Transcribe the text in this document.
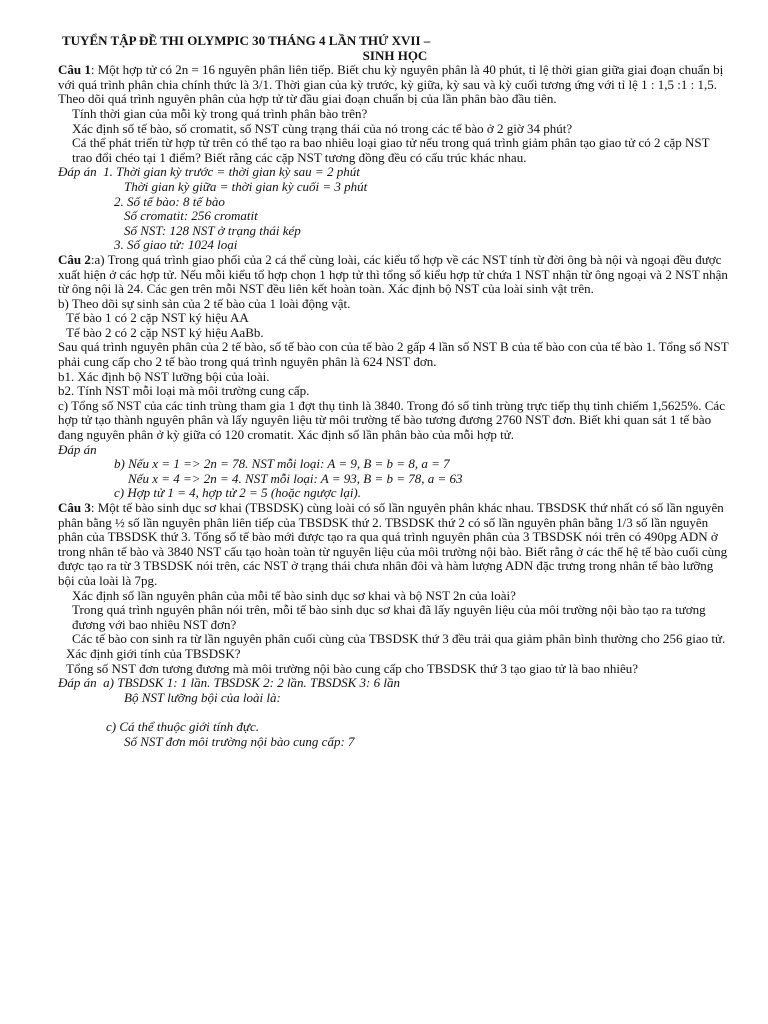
TUYỂN TẬP ĐỀ THI OLYMPIC 30 THÁNG 4 LẦN THỨ XVII –

SINH HỌC

Câu 1: Một hợp tử có 2n = 16 nguyên phân liên tiếp. Biết chu kỳ nguyên phân là 40 phút, tỉ lệ thời gian giữa giai đoạn chuẩn bị với quá trình phân chia chính thức là 3/1. Thời gian của kỳ trước, kỳ giữa, kỳ sau và kỳ cuối tương ứng với tỉ lệ 1 : 1,5 :1 : 1,5. Theo dõi quá trình nguyên phân của hợp tử từ đầu giai đoạn chuẩn bị của lần phân bào đầu tiên.

Tính thời gian của mỗi kỳ trong quá trình phân bào trên?

Xác định số tế bào, số cromatit, số NST cùng trạng thái của nó trong các tế bào ở 2 giờ 34 phút?

Cá thể phát triển từ hợp tử trên có thể tạo ra bao nhiêu loại giao tử nếu trong quá trình giảm phân tạo giao tử có 2 cặp NST trao đổi chéo tại 1 điểm? Biết rằng các cặp NST tương đồng đều có cấu trúc khác nhau.

Đáp án 1. Thời gian kỳ trước = thời gian kỳ sau = 2 phút

Thời gian kỳ giữa = thời gian kỳ cuối = 3 phút

2. Số tế bào: 8 tế bào

Số cromatit: 256 cromatit

Số NST: 128 NST ở trạng thái kép

3. Số giao tử: 1024 loại

Câu 2:a) Trong quá trình giao phối của 2 cá thể cùng loài, các kiểu tổ hợp về các NST tính từ đời ông bà nội và ngoại đều được xuất hiện ở các hợp tử. Nếu mỗi kiểu tổ hợp chọn 1 hợp tử thì tổng số kiểu hợp tử chứa 1 NST nhận từ ông ngoại và 2 NST nhận từ ông nội là 24. Các gen trên mỗi NST đều liên kết hoàn toàn. Xác định bộ NST của loài sinh vật trên.

b) Theo dõi sự sinh sản của 2 tế bào của 1 loài động vật.

Tế bào 1 có 2 cặp NST ký hiệu AA

Tế bào 2 có 2 cặp NST ký hiệu AaBb.

Sau quá trình nguyên phân của 2 tế bào, số tế bào con của tế bào 2 gấp 4 lần số NST B của tế bào con của tế bào 1. Tổng số NST phải cung cấp cho 2 tế bào trong quá trình nguyên phân là 624 NST đơn.

b1. Xác định bộ NST lưỡng bội của loài.

b2. Tính NST mỗi loại mà môi trường cung cấp.

c) Tổng số NST của các tinh trùng tham gia 1 đợt thụ tinh là 3840. Trong đó số tinh trùng trực tiếp thụ tinh chiếm 1,5625%. Các hợp tử tạo thành nguyên phân và lấy nguyên liệu từ môi trường tế bào tương đương 2760 NST đơn. Biết khi quan sát 1 tế bào đang nguyên phân ở kỳ giữa có 120 cromatit. Xác định số lần phân bào của mỗi hợp tử.

Đáp án

b) Nếu x = 1 => 2n = 78. NST mỗi loại: A = 9, B = b = 8, a = 7

Nếu x = 4 => 2n = 4. NST mỗi loại: A = 93, B = b = 78, a = 63

c) Hợp tử 1 = 4, hợp tử 2 = 5 (hoặc ngược lại).

Câu 3: Một tế bào sinh dục sơ khai (TBSDSK) cùng loài có số lần nguyên phân khác nhau. TBSDSK thứ nhất có số lần nguyên phân bằng ½ số lần nguyên phân liên tiếp của TBSDSK thứ 2. TBSDSK thứ 2 có số lần nguyên phân bằng 1/3 số lần nguyên phân của TBSDSK thứ 3. Tổng số tế bào mới được tạo ra qua quá trình nguyên phân của 3 TBSDSK nói trên có 490pg ADN ở trong nhân tế bào và 3840 NST cấu tạo hoàn toàn từ nguyên liệu của môi trường nội bào. Biết rằng ở các thế hệ tế bào cuối cùng được tạo ra từ 3 TBSDSK nói trên, các NST ở trạng thái chưa nhân đôi và hàm lượng ADN đặc trưng trong nhân tế bào lưỡng bội của loài là 7pg.

Xác định số lần nguyên phân của mỗi tế bào sinh dục sơ khai và bộ NST 2n của loài?

Trong quá trình nguyên phân nói trên, mỗi tế bào sinh dục sơ khai đã lấy nguyên liệu của môi trường nội bào tạo ra tương đương với bao nhiêu NST đơn?

Các tế bào con sinh ra từ lần nguyên phân cuối cùng của TBSDSK thứ 3 đều trải qua giảm phân bình thường cho 256 giao tử.

Xác định giới tính của TBSDSK?

Tổng số NST đơn tương đương mà môi trường nội bào cung cấp cho TBSDSK thứ 3 tạo giao tử là bao nhiêu?

Đáp án a) TBSDSK 1: 1 lần. TBSDSK 2: 2 lần. TBSDSK 3: 6 lần

Bộ NST lưỡng bội của loài là:

c) Cá thể thuộc giới tính đực.

Số NST đơn môi trường nội bào cung cấp: 7
